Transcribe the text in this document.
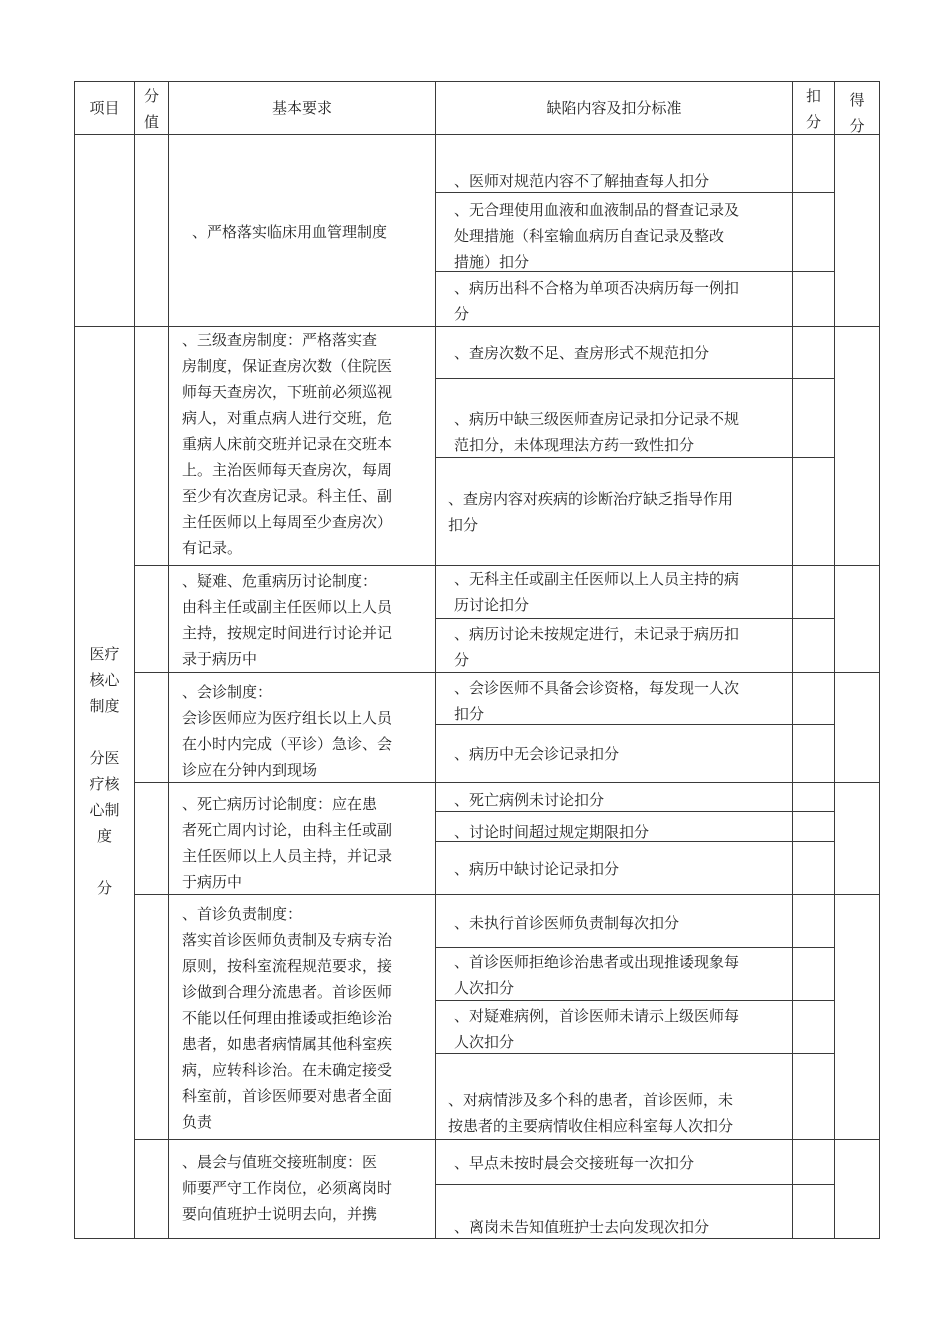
项目
分
值
基本要求	缺陷内容及扣分标准
扣
分
得
分
医疗
核心
制度

分医
疗核
心制
度

分
、严格落实临床用血管理制度
、医师对规范内容不了解抽查每人扣分
、无合理使用血液和血液制品的督查记录及
处理措施（科室输血病历自查记录及整改
措施）扣分
、病历出科不合格为单项否决病历每一例扣
分
、三级查房制度：严格落实查
房制度，保证查房次数（住院医
师每天查房次，下班前必须巡视
病人，对重点病人进行交班，危
重病人床前交班并记录在交班本
上。主治医师每天查房次，每周
至少有次查房记录。科主任、副
主任医师以上每周至少查房次）
有记录。
、查房次数不足、查房形式不规范扣分
、病历中缺三级医师查房记录扣分记录不规
范扣分，未体现理法方药一致性扣分
、查房内容对疾病的诊断治疗缺乏指导作用
扣分
、疑难、危重病历讨论制度：
由科主任或副主任医师以上人员
主持，按规定时间进行讨论并记
录于病历中
、无科主任或副主任医师以上人员主持的病
历讨论扣分
、病历讨论未按规定进行，未记录于病历扣
分
、会诊制度：
会诊医师应为医疗组长以上人员
在小时内完成（平诊）急诊、会
诊应在分钟内到现场
、会诊医师不具备会诊资格，每发现一人次
扣分
、病历中无会诊记录扣分
、死亡病历讨论制度：应在患
者死亡周内讨论，由科主任或副
主任医师以上人员主持，并记录
于病历中
、死亡病例未讨论扣分
、讨论时间超过规定期限扣分
、病历中缺讨论记录扣分
、首诊负责制度：
落实首诊医师负责制及专病专治
原则，按科室流程规范要求，接
诊做到合理分流患者。首诊医师
不能以任何理由推诿或拒绝诊治
患者，如患者病情属其他科室疾
病，应转科诊治。在未确定接受
科室前，首诊医师要对患者全面
负责
、未执行首诊医师负责制每次扣分
、首诊医师拒绝诊治患者或出现推诿现象每
人次扣分
、对疑难病例，首诊医师未请示上级医师每
人次扣分
、对病情涉及多个科的患者，首诊医师，未
按患者的主要病情收住相应科室每人次扣分
、晨会与值班交接班制度：医
师要严守工作岗位，必须离岗时
要向值班护士说明去向，并携
、早点未按时晨会交接班每一次扣分
、离岗未告知值班护士去向发现次扣分
